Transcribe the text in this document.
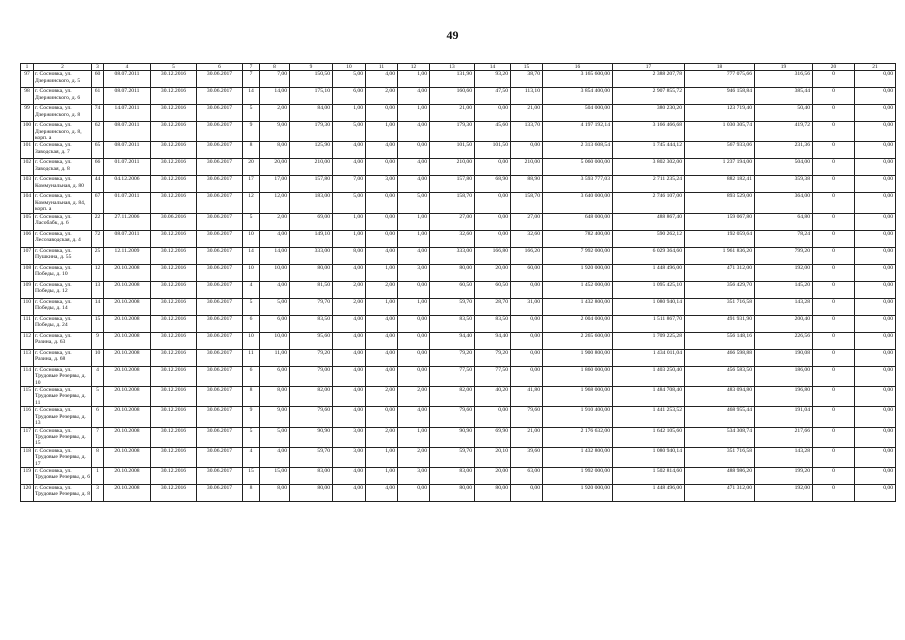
49
1	2	3	4	5	6	7	8	9	10	11	12	13	14	15	16	17	18	19	20	21
97	г. Сосновка, ул. Дзержинского, д. 5	60	08.07.2011	30.12.2016	30.06.2017	7	7,00	150,50	5,00	4,00	1,00	131,90	93,20	38,70	3 165 600,00	2 388 207,78	777 075,66	316,56	0	0,00
98	г. Сосновка, ул. Дзержинского, д. 6	61	08.07.2011	30.12.2016	30.06.2017	14	14,00	175,10	6,00	2,00	4,00	160,60	47,50	113,10	3 854 400,00	2 907 855,72	946 158,84	385,44	0	0,00
99	г. Сосновка, ул. Дзержинского, д. 8	74	14.07.2011	30.12.2016	30.06.2017	5	2,00	84,00	1,00	0,00	1,00	21,00	0,00	21,00	504 000,00	380 230,20	123 719,40	50,40	0	0,00
100	г. Сосновка, ул. Дзержинского, д. 8, корп. а	62	08.07.2011	30.12.2016	30.06.2017	9	9,00	179,30	5,00	1,00	4,00	179,30	45,60	133,70	4 197 192,14	3 166 466,68	1 030 305,74	419,72	0	0,00
101	г. Сосновка, ул. Заводская, д. 7	65	08.07.2011	30.12.2016	30.06.2017	8	8,00	125,90	4,00	4,00	0,00	101,50	101,50	0,00	2 313 608,54	1 745 444,12	567 933,06	231,36	0	0,00
102	г. Сосновка, ул. Заводская, д. 8	66	01.07.2011	30.12.2016	30.06.2017	20	20,00	210,00	4,00	0,00	4,00	210,00	0,00	210,00	5 060 000,00	3 802 302,00	1 237 194,00	504,00	0	0,00
103	г. Сосновка, ул. Коммунальная, д. 80	44	04.12.2006	30.12.2016	30.06.2017	17	17,00	157,80	7,00	3,00	4,00	157,80	68,90	88,90	3 593 777,03	2 711 235,24	882 182,41	359,38	0	0,00
104	г. Сосновка, ул. Коммунальная, д. 84, корп. а	67	01.07.2011	30.12.2016	30.06.2017	12	12,00	183,00	5,00	0,00	5,00	158,70	0,00	158,70	3 640 000,00	2 746 107,00	893 529,00	364,00	0	0,00
105	г. Сосновка, ул. Ласобабк, д. 6	22	27.11.2006	30.06.2016	30.06.2017	5	2,00	69,00	1,00	0,00	1,00	27,00	0,00	27,00	648 000,00	488 867,40	159 067,80	64,80	0	0,00
106	г. Сосновка, ул. Лесозаводская, д. 4	72	08.07.2011	30.12.2016	30.06.2017	10	4,00	149,10	1,00	0,00	1,00	32,60	0,00	32,60	782 400,00	590 262,12	192 059,64	78,24	0	0,00
107	г. Сосновка, ул. Пушкина, д. 55	25	12.11.2009	30.12.2016	30.06.2017	14	14,00	333,00	8,00	4,00	4,00	333,00	166,80	166,20	7 992 000,00	6 029 364,60	1 961 836,20	799,20	0	0,00
108	г. Сосновка, ул. Победы, д. 10	12	20.10.2008	30.12.2016	30.06.2017	10	10,00	80,00	4,00	1,00	3,00	80,00	20,00	60,00	1 920 000,00	1 448 496,00	471 312,00	192,00	0	0,00
109	г. Сосновка, ул. Победы, д. 12	13	20.10.2008	30.12.2016	30.06.2017	4	4,00	81,50	2,00	2,00	0,00	60,50	60,50	0,00	1 452 000,00	1 095 425,10	356 429,70	145,20	0	0,00
110	г. Сосновка, ул. Победы, д. 14	14	20.10.2008	30.12.2016	30.06.2017	5	5,00	79,70	2,00	1,00	1,00	59,70	28,70	31,00	1 432 800,00	1 080 940,14	351 716,58	143,28	0	0,00
111	г. Сосновка, ул. Победы, д. 24	15	20.10.2008	30.12.2016	30.06.2017	6	6,00	83,50	4,00	4,00	0,00	83,50	83,50	0,00	2 004 000,00	1 511 867,70	491 931,90	200,40	0	0,00
112	г. Сосновка, ул. Разина, д. 63	9	20.10.2008	30.12.2016	30.06.2017	10	10,00	95,60	4,00	4,00	0,00	94,40	94,40	0,00	2 265 600,00	1 709 225,28	556 148,16	226,56	0	0,00
113	г. Сосновка, ул. Разина, д. 68	10	20.10.2008	30.12.2016	30.06.2017	11	11,00	79,20	4,00	4,00	0,00	79,20	79,20	0,00	1 900 800,00	1 434 011,04	466 598,88	190,08	0	0,00
114	г. Сосновка, ул. Трудовые Резервы, д. 10	4	20.10.2008	30.12.2016	30.06.2017	6	6,00	79,00	4,00	4,00	0,00	77,50	77,50	0,00	1 860 000,00	1 403 250,40	456 583,50	186,00	0	0,00
115	г. Сосновка, ул. Трудовые Резервы, д. 11	5	20.10.2008	30.12.2016	30.06.2017	8	8,00	82,00	4,00	2,00	2,00	82,00	40,20	41,80	1 968 000,00	1 484 708,40	483 094,80	196,80	0	0,00
116	г. Сосновка, ул. Трудовые Резервы, д. 13	6	20.10.2008	30.12.2016	30.06.2017	9	9,00	79,60	4,00	0,00	4,00	79,60	0,00	79,60	1 910 400,00	1 441 253,52	468 955,44	191,04	0	0,00
117	г. Сосновка, ул. Трудовые Резервы, д. 15	7	20.10.2008	30.12.2016	30.06.2017	5	5,00	90,90	3,00	2,00	1,00	90,90	69,90	21,00	2 176 632,00	1 642 105,60	534 308,74	217,66	0	0,00
118	г. Сосновка, ул. Трудовые Резервы, д. 17	8	20.10.2008	30.12.2016	30.06.2017	4	4,00	59,70	3,00	1,00	2,00	59,70	20,10	39,60	1 432 800,00	1 080 940,14	351 716,58	143,28	0	0,00
119	г. Сосновка, ул. Трудовые Резервы, д. 6	1	20.10.2008	30.12.2016	30.06.2017	15	15,00	83,00	4,00	1,00	3,00	83,00	20,00	63,00	1 992 000,00	1 502 814,60	488 986,20	199,20	0	0,00
120	г. Сосновка, ул. Трудовые Резервы, д. 8	3	20.10.2008	30.12.2016	30.06.2017	8	8,00	80,00	4,00	4,00	0,00	80,00	80,00	0,00	1 920 000,00	1 448 496,00	471 312,00	192,00	0	0,00
